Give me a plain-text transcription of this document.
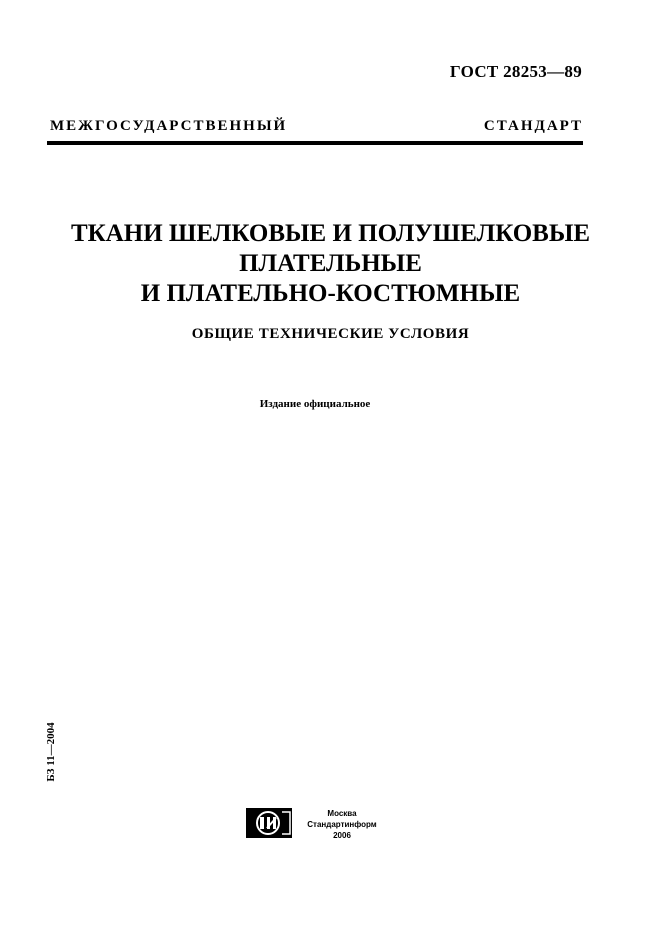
ГОСТ 28253—89

МЕЖГОСУДАРСТВЕННЫЙ СТАНДАРТ

ТКАНИ ШЕЛКОВЫЕ И ПОЛУШЕЛКОВЫЕ
ПЛАТЕЛЬНЫЕ
И ПЛАТЕЛЬНО-КОСТЮМНЫЕ

ОБЩИЕ ТЕХНИЧЕСКИЕ УСЛОВИЯ

Издание официальное

БЗ 11—2004
Москва
Стандартинформ
2006
